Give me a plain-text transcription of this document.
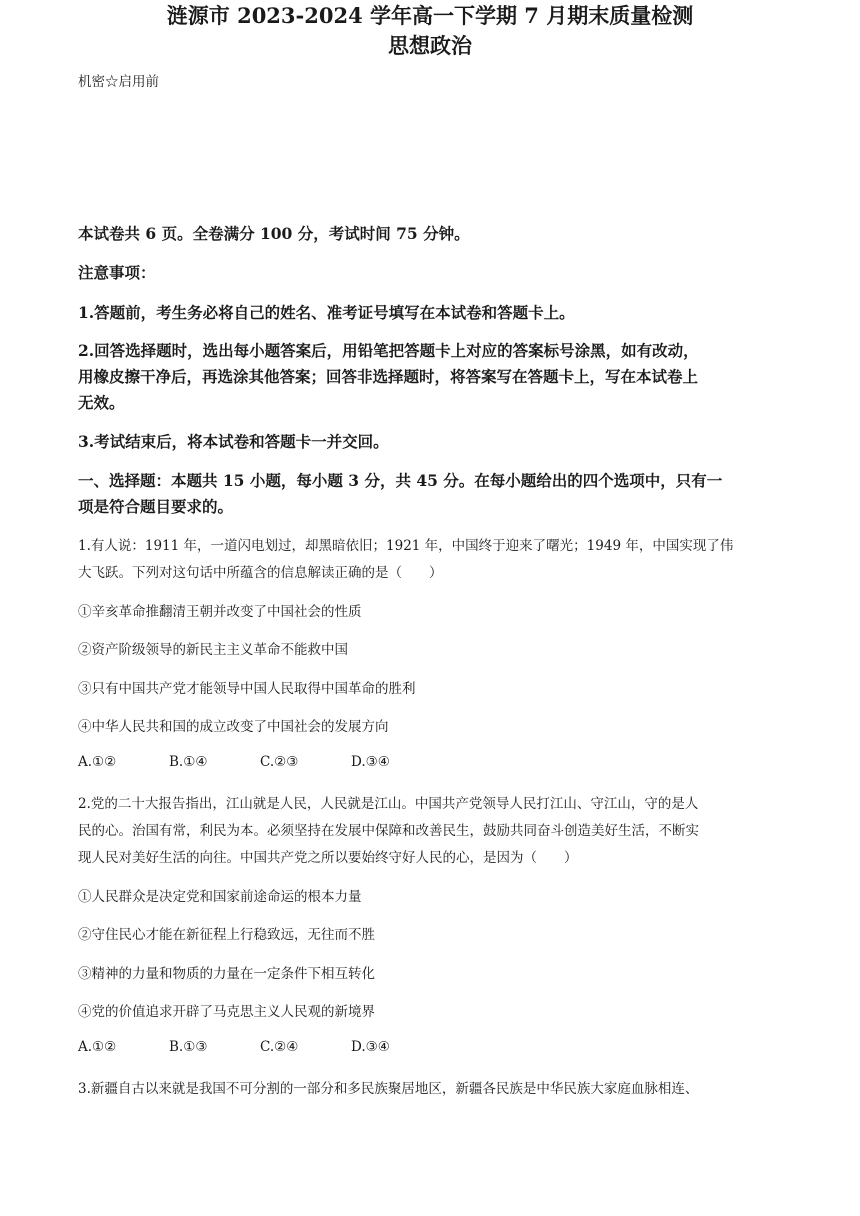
机密☆启用前
涟源市 2023-2024 学年高一下学期 7 月期末质量检测
思想政治
本试卷共 6 页。全卷满分 100 分，考试时间 75 分钟。
注意事项：
1.答题前，考生务必将自己的姓名、准考证号填写在本试卷和答题卡上。
2.回答选择题时，选出每小题答案后，用铅笔把答题卡上对应的答案标号涂黑，如有改动，
用橡皮擦干净后，再选涂其他答案；回答非选择题时，将答案写在答题卡上，写在本试卷上
无效。
3.考试结束后，将本试卷和答题卡一并交回。
一、选择题：本题共 15 小题，每小题 3 分，共 45 分。在每小题给出的四个选项中，只有一
项是符合题目要求的。
1.有人说：1911 年，一道闪电划过，却黑暗依旧；1921 年，中国终于迎来了曙光；1949 年，中国实现了伟
大飞跃。下列对这句话中所蕴含的信息解读正确的是（　　）
①辛亥革命推翻清王朝并改变了中国社会的性质
②资产阶级领导的新民主主义革命不能救中国
③只有中国共产党才能领导中国人民取得中国革命的胜利
④中华人民共和国的成立改变了中国社会的发展方向
A.①②	B.①④	C.②③	D.③④
2.党的二十大报告指出，江山就是人民，人民就是江山。中国共产党领导人民打江山、守江山，守的是人
民的心。治国有常，利民为本。必须坚持在发展中保障和改善民生，鼓励共同奋斗创造美好生活，不断实
现人民对美好生活的向往。中国共产党之所以要始终守好人民的心，是因为（　　）
①人民群众是决定党和国家前途命运的根本力量
②守住民心才能在新征程上行稳致远，无往而不胜
③精神的力量和物质的力量在一定条件下相互转化
④党的价值追求开辟了马克思主义人民观的新境界
A.①②	B.①③	C.②④	D.③④
3.新疆自古以来就是我国不可分割的一部分和多民族聚居地区，新疆各民族是中华民族大家庭血脉相连、
